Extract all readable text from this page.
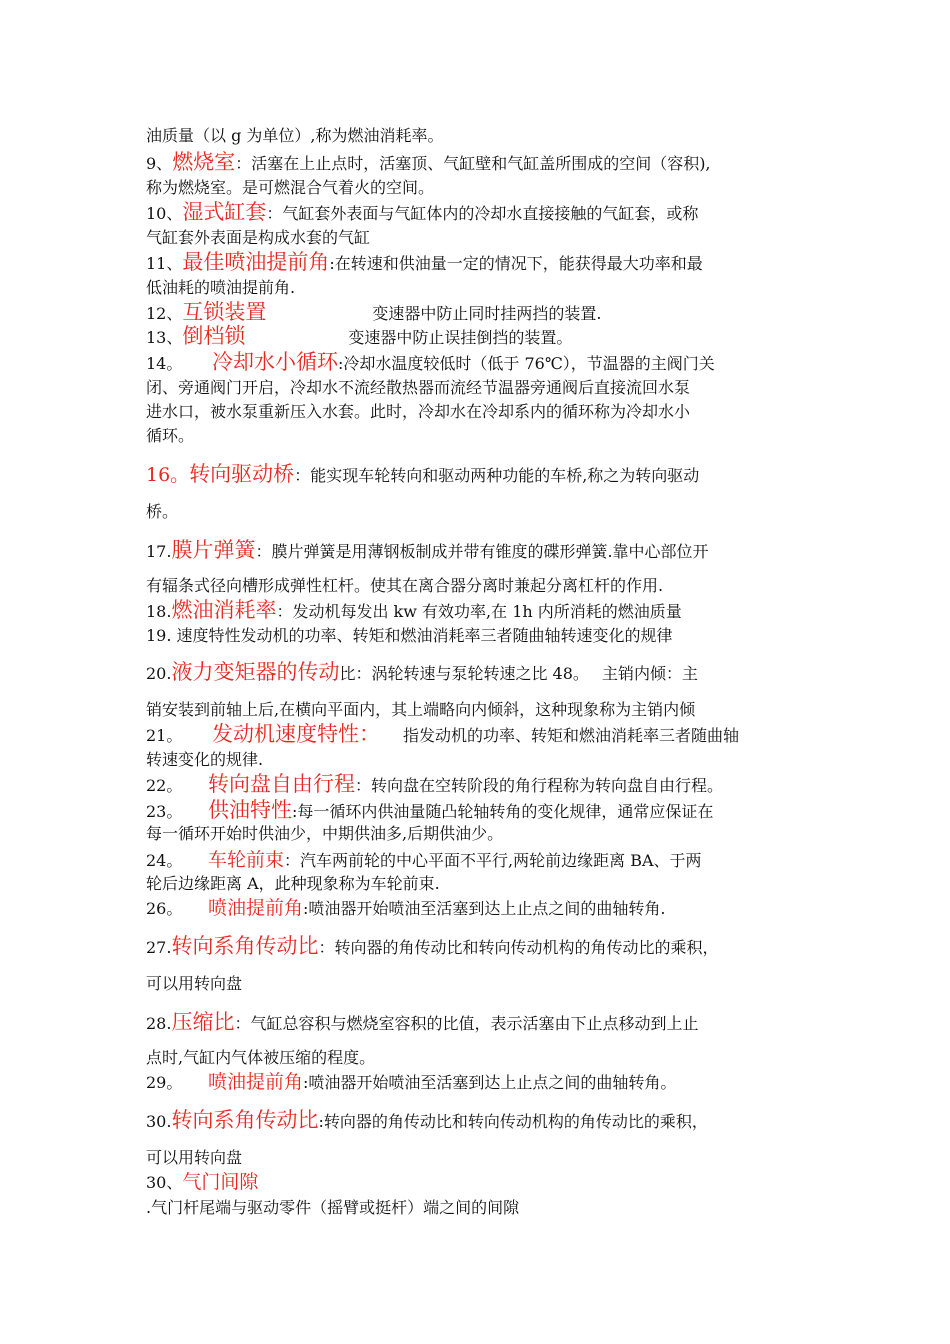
油质量（以 g 为单位）,称为燃油消耗率。
9、燃烧室：活塞在上止点时，活塞顶、气缸壁和气缸盖所围成的空间（容积),
称为燃烧室。是可燃混合气着火的空间。
10、湿式缸套：气缸套外表面与气缸体内的冷却水直接接触的气缸套，或称
气缸套外表面是构成水套的气缸
11、最佳喷油提前角:在转速和供油量一定的情况下，能获得最大功率和最
低油耗的喷油提前角.
12、互锁装置	变速器中防止同时挂两挡的装置.
13、倒档锁	变速器中防止误挂倒挡的装置。
14。 冷却水小循环:冷却水温度较低时（低于 76℃），节温器的主阀门关
闭、旁通阀门开启，冷却水不流经散热器而流经节温器旁通阀后直接流回水泵
进水口，被水泵重新压入水套。此时，冷却水在冷却系内的循环称为冷却水小
循环。
16。转向驱动桥：能实现车轮转向和驱动两种功能的车桥,称之为转向驱动
桥。
17.膜片弹簧：膜片弹簧是用薄钢板制成并带有锥度的碟形弹簧.靠中心部位开
有辐条式径向槽形成弹性杠杆。使其在离合器分离时兼起分离杠杆的作用.
18.燃油消耗率：发动机每发出 kw 有效功率,在 1h 内所消耗的燃油质量
19. 速度特性发动机的功率、转矩和燃油消耗率三者随曲轴转速变化的规律
20.液力变矩器的传动比：涡轮转速与泵轮转速之比 48。　 主销内倾：主
销安装到前轴上后,在横向平面内，其上端略向内倾斜，这种现象称为主销内倾
21。 发动机速度特性： 指发动机的功率、转矩和燃油消耗率三者随曲轴
转速变化的规律.
22。 转向盘自由行程：转向盘在空转阶段的角行程称为转向盘自由行程。
23。 供油特性:每一循环内供油量随凸轮轴转角的变化规律，通常应保证在
每一循环开始时供油少，中期供油多,后期供油少。
24。 车轮前束：汽车两前轮的中心平面不平行,两轮前边缘距离 BA、于两
轮后边缘距离 A，此种现象称为车轮前束.
26。 喷油提前角:喷油器开始喷油至活塞到达上止点之间的曲轴转角.
27.转向系角传动比：转向器的角传动比和转向传动机构的角传动比的乘积，
可以用转向盘
28.压缩比：气缸总容积与燃烧室容积的比值，表示活塞由下止点移动到上止
点时,气缸内气体被压缩的程度。
29。 喷油提前角:喷油器开始喷油至活塞到达上止点之间的曲轴转角。
30.转向系角传动比:转向器的角传动比和转向传动机构的角传动比的乘积，
可以用转向盘
30、气门间隙
.气门杆尾端与驱动零件（摇臂或挺杆）端之间的间隙
